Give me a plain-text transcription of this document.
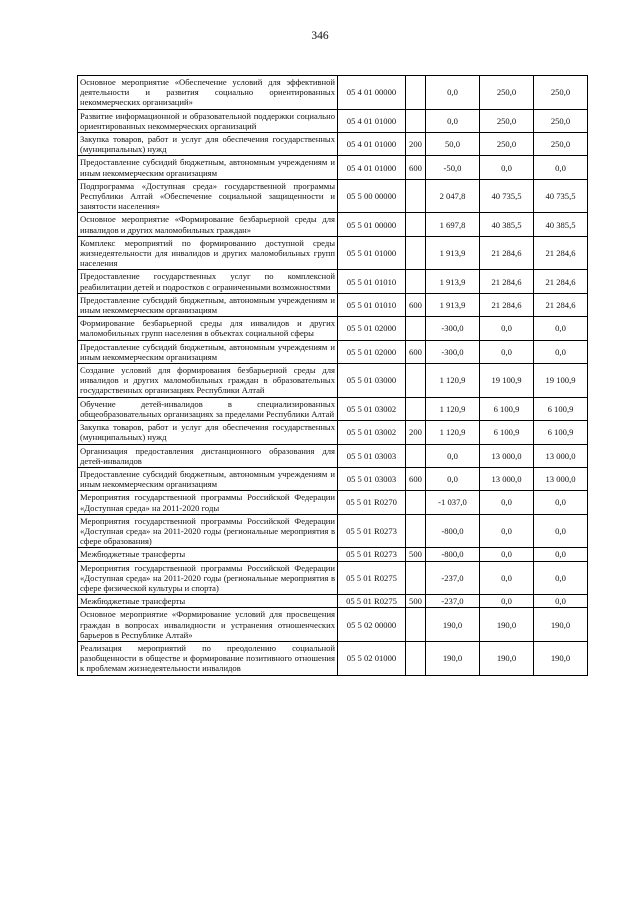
346
Основное мероприятие «Обеспечение условий для эффективной деятельности и развития социально ориентированных некоммерческих организаций»	05 4 01 00000		0,0	250,0	250,0
Развитие информационной и образовательной поддержки социально ориентированных некоммерческих организаций	05 4 01 01000		0,0	250,0	250,0
Закупка товаров, работ и услуг для обеспечения государственных (муниципальных) нужд	05 4 01 01000	200	50,0	250,0	250,0
Предоставление субсидий бюджетным, автономным учреждениям и иным некоммерческим организациям	05 4 01 01000	600	-50,0	0,0	0,0
Подпрограмма «Доступная среда» государственной программы Республики Алтай «Обеспечение социальной защищенности и занятости населения»	05 5 00 00000		2 047,8	40 735,5	40 735,5
Основное мероприятие «Формирование безбарьерной среды для инвалидов и других маломобильных граждан»	05 5 01 00000		1 697,8	40 385,5	40 385,5
Комплекс мероприятий по формированию доступной среды жизнедеятельности для инвалидов и других маломобильных групп населения	05 5 01 01000		1 913,9	21 284,6	21 284,6
Предоставление государственных услуг по комплексной реабилитации детей и подростков с ограниченными возможностями	05 5 01 01010		1 913,9	21 284,6	21 284,6
Предоставление субсидий бюджетным, автономным учреждениям и иным некоммерческим организациям	05 5 01 01010	600	1 913,9	21 284,6	21 284,6
Формирование безбарьерной среды для инвалидов и других маломобильных групп населения в объектах социальной сферы	05 5 01 02000		-300,0	0,0	0,0
Предоставление субсидий бюджетным, автономным учреждениям и иным некоммерческим организациям	05 5 01 02000	600	-300,0	0,0	0,0
Создание условий для формирования безбарьерной среды для инвалидов и других маломобильных граждан в образовательных государственных организациях Республики Алтай	05 5 01 03000		1 120,9	19 100,9	19 100,9
Обучение детей-инвалидов в специализированных общеобразовательных организациях за пределами Республики Алтай	05 5 01 03002		1 120,9	6 100,9	6 100,9
Закупка товаров, работ и услуг для обеспечения государственных (муниципальных) нужд	05 5 01 03002	200	1 120,9	6 100,9	6 100,9
Организация предоставления дистанционного образования для детей-инвалидов	05 5 01 03003		0,0	13 000,0	13 000,0
Предоставление субсидий бюджетным, автономным учреждениям и иным некоммерческим организациям	05 5 01 03003	600	0,0	13 000,0	13 000,0
Мероприятия государственной программы Российской Федерации «Доступная среда» на 2011-2020 годы	05 5 01 R0270		-1 037,0	0,0	0,0
Мероприятия государственной программы Российской Федерации «Доступная среда» на 2011-2020 годы (региональные мероприятия в сфере образования)	05 5 01 R0273		-800,0	0,0	0,0
Межбюджетные трансферты	05 5 01 R0273	500	-800,0	0,0	0,0
Мероприятия государственной программы Российской Федерации «Доступная среда» на 2011-2020 годы (региональные мероприятия в сфере физической культуры и спорта)	05 5 01 R0275		-237,0	0,0	0,0
Межбюджетные трансферты	05 5 01 R0275	500	-237,0	0,0	0,0
Основное мероприятие «Формирование условий для просвещения граждан в вопросах инвалидности и устранения отношенческих барьеров в Республике Алтай»	05 5 02 00000		190,0	190,0	190,0
Реализация мероприятий по преодолению социальной разобщенности в обществе и формирование позитивного отношения к проблемам жизнедеятельности инвалидов	05 5 02 01000		190,0	190,0	190,0
